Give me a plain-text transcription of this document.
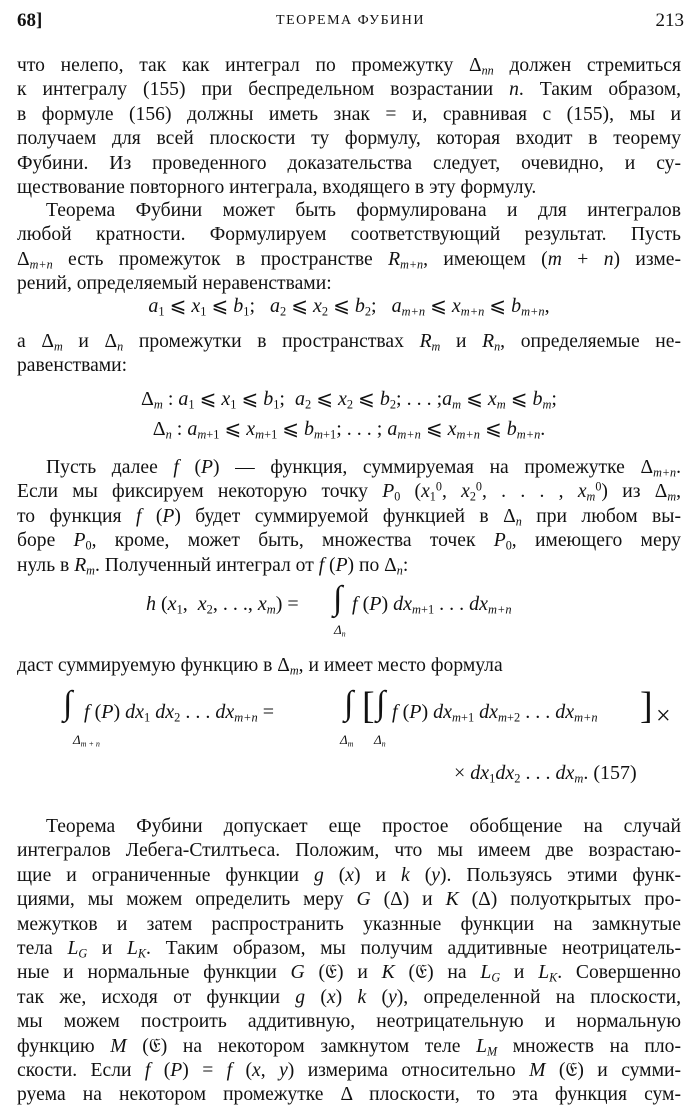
68]	ТЕОРЕМА ФУБИНИ	213
что нелепо, так как интеграл по промежутку $\Delta_{nn}$ должен стремиться
к интегралу (155) при беспредельном возрастании n. Таким образом,
в формуле (156) должны иметь знак = и, сравнивая с (155), мы и
получаем для всей плоскости ту формулу, которая входит в теорему
Фубини. Из проведенного доказательства следует, очевидно, и су-
ществование повторного интеграла, входящего в эту формулу.
Теорема Фубини может быть формулирована и для интегралов
любой кратности. Формулируем соответствующий результат. Пусть
$\Delta_{m+n}$ есть промежуток в пространстве $R_{m+n}$, имеющем (m + n) изме-
рений, определяемый неравенствами:
$a_1$ ⩽ $x_1$ ⩽ $b_1$;   $a_2$ ⩽ $x_2$ ⩽ $b_2$;   $a_{m+n}$ ⩽ $x_{m+n}$ ⩽ $b_{m+n}$,
а $\Delta_m$ и $\Delta_n$ промежутки в пространствах $R_m$ и $R_n$, определяемые не-
равенствами:
$\Delta_m$ : $a_1$ ⩽ $x_1$ ⩽ $b_1$;  $a_2$ ⩽ $x_2$ ⩽ $b_2$; . . . $;a_m$ ⩽ $x_m$ ⩽ $b_m$;
$\Delta_n$ : $a_{m+1}$ ⩽ $x_{m+1}$ ⩽ $b_{m+1}$; . . . ; $a_{m+n}$ ⩽ $x_{m+n}$ ⩽ $b_{m+n}$.
Пусть далее f (P) — функция, суммируемая на промежутке $\Delta_{m+n}$.
Если мы фиксируем некоторую точку $P_0$ ($x_1^0$, $x_2^0$, . . . , $x_m^0$) из $\Delta_m$,
то функция f (P) будет суммируемой функцией в $\Delta_n$ при любом вы-
боре $P_0$, кроме, может быть, множества точек $P_0$, имеющего меру
нуль в $R_m$. Полученный интеграл от f (P) по $\Delta_n$:
h ($x_1$,  $x_2$, . . ., $x_m$) = ∫
$\Delta_n$
f (P) $dx_{m+1}$ . . . $dx_{m+n}$
даст суммируемую функцию в $\Delta_m$, и имеет место формула
∫
$\Delta_{m + n}$
f (P) $dx_1$ $dx_2$ . . . $dx_{m+n}$ = ∫
$\Delta_m$
[ ∫
$\Delta_n$
f (P) $dx_{m+1}$ $dx_{m+2}$ . . . $dx_{m+n}$ ] ×
× $dx_1dx_2$ . . . $dx_m$. (157)
Теорема Фубини допускает еще простое обобщение на случай
интегралов Лебега-Стилтьеса. Положим, что мы имеем две возрастаю-
щие и ограниченные функции g (x) и k (y). Пользуясь этими функ-
циями, мы можем определить меру G (Δ) и K (Δ) полуоткрытых про-
межутков и затем распространить указнные функции на замкнутые
тела $L_G$ и $L_K$. Таким образом, мы получим аддитивные неотрицатель-
ные и нормальные функции G (𝔈) и K (𝔈) на $L_G$ и $L_K$. Совершенно
так же, исходя от функции g (x) k (y), определенной на плоскости,
мы можем построить аддитивную, неотрицательную и нормальную
функцию M (𝔈) на некотором замкнутом теле $L_M$ множеств на пло-
скости. Если f (P) = f (x, y) измерима относительно M (𝔈) и сумми-
руема на некотором промежутке Δ плоскости, то эта функция сум-
